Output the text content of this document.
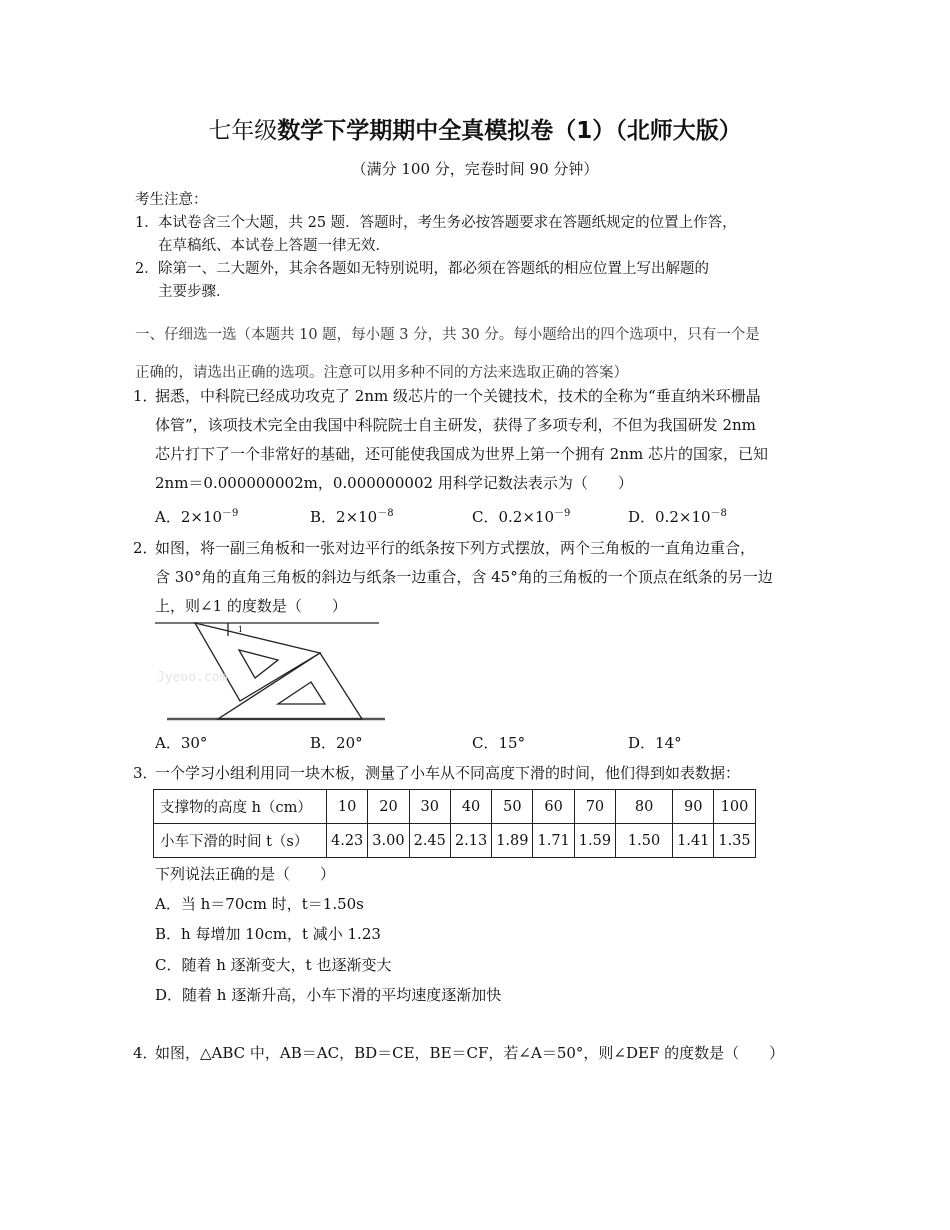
七年级数学下学期期中全真模拟卷（1）（北师大版）
（满分 100 分，完卷时间 90 分钟）
考生注意：
1． 本试卷含三个大题，共 25 题．答题时，考生务必按答题要求在答题纸规定的位置上作答，
在草稿纸、本试卷上答题一律无效．
2． 除第一、二大题外，其余各题如无特别说明，都必须在答题纸的相应位置上写出解题的
主要步骤．
一、仔细选一选（本题共 10 题，每小题 3 分，共 30 分。每小题给出的四个选项中，只有一个是
正确的，请选出正确的选项。注意可以用多种不同的方法来选取正确的答案）
1．
据悉，中科院已经成功攻克了 2nm 级芯片的一个关键技术，技术的全称为“垂直纳米环栅晶
体管”，该项技术完全由我国中科院院士自主研发，获得了多项专利，不但为我国研发 2nm
芯片打下了一个非常好的基础，还可能使我国成为世界上第一个拥有 2nm 芯片的国家，已知
2nm＝0.000000002m，0.000000002 用科学记数法表示为（　　）
A．$2\times 10^{-9}$	B．$2\times 10^{-8}$	C．$0.2\times 10^{-9}$	D．$0.2\times 10^{-8}$
2．
如图，将一副三角板和一张对边平行的纸条按下列方式摆放，两个三角板的一直角边重合，
含 30°角的直角三角板的斜边与纸条一边重合，含 45°角的三角板的一个顶点在纸条的另一边
上，则∠1 的度数是（　　）
1
Jyeoo.com
A．30°	B．20°	C．15°	D．14°
3．
一个学习小组利用同一块木板，测量了小车从不同高度下滑的时间，他们得到如表数据：
支撑物的高度 h（cm）	10	20	30	40	50	60	70	80	90	100
小车下滑的时间 t（s）	4.23	3.00	2.45	2.13	1.89	1.71	1.59	1.50	1.41	1.35
下列说法正确的是（　　）
A．当 h＝70cm 时，t＝1.50s
B．h 每增加 10cm，t 减小 1.23
C．随着 h 逐渐变大，t 也逐渐变大
D．随着 h 逐渐升高，小车下滑的平均速度逐渐加快
4．
如图，△ABC 中，AB＝AC，BD＝CE，BE＝CF，若∠A＝50°，则∠DEF 的度数是（　　）
